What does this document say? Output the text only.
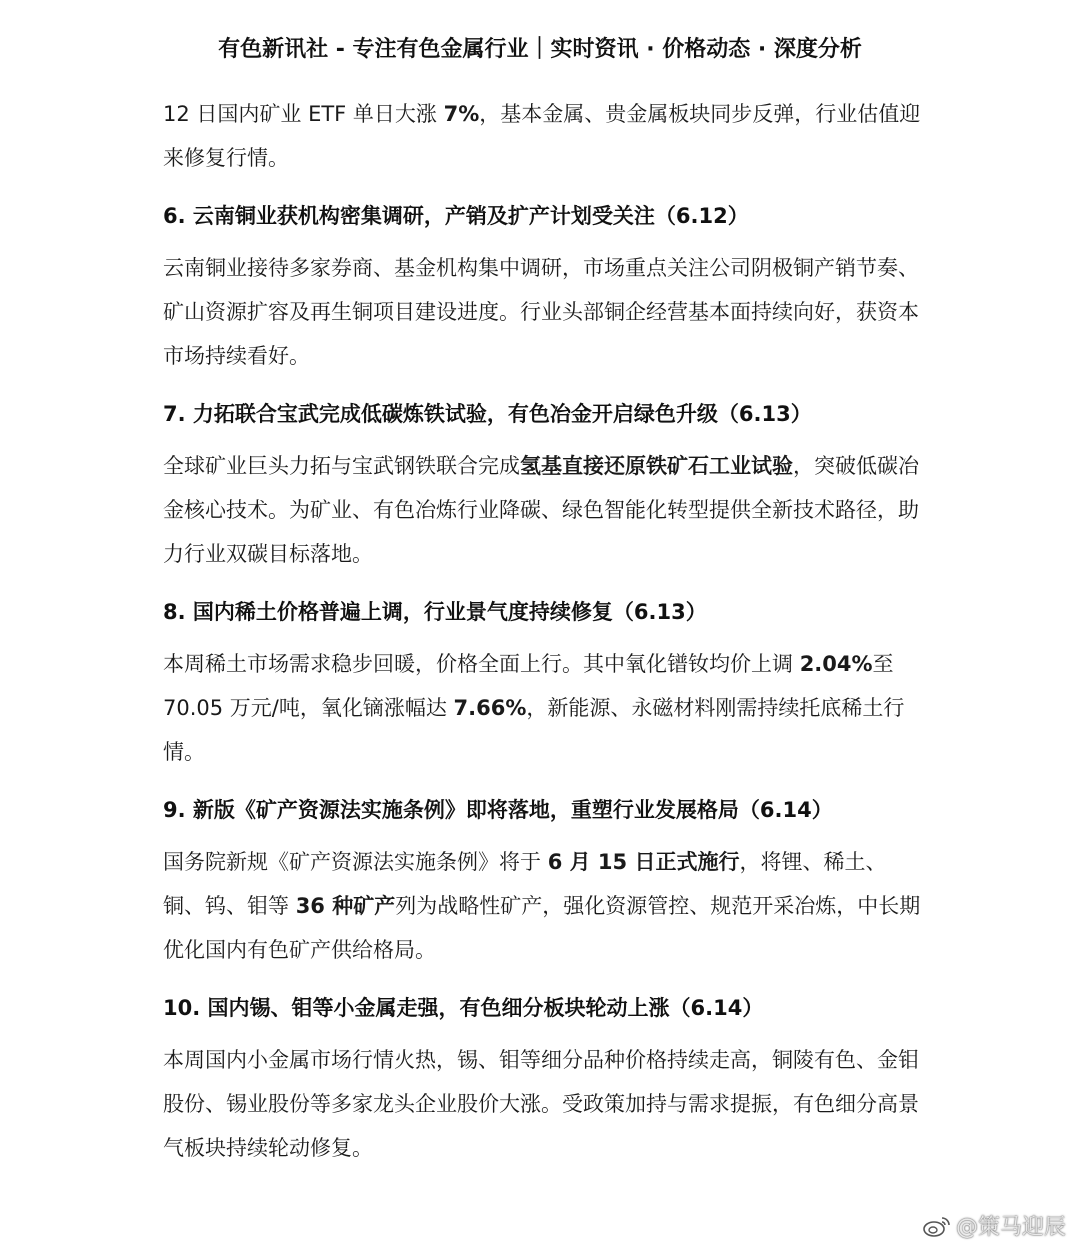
有色新讯社 - 专注有色金属行业｜实时资讯 · 价格动态 · 深度分析

12 日国内矿业 ETF 单日大涨 7%，基本金属、贵金属板块同步反弹，行业估值迎来修复行情。

6. 云南铜业获机构密集调研，产销及扩产计划受关注（6.12）

云南铜业接待多家券商、基金机构集中调研，市场重点关注公司阴极铜产销节奏、矿山资源扩容及再生铜项目建设进度。行业头部铜企经营基本面持续向好，获资本市场持续看好。

7. 力拓联合宝武完成低碳炼铁试验，有色冶金开启绿色升级（6.13）

全球矿业巨头力拓与宝武钢铁联合完成氢基直接还原铁矿石工业试验，突破低碳冶金核心技术。为矿业、有色冶炼行业降碳、绿色智能化转型提供全新技术路径，助力行业双碳目标落地。

8. 国内稀土价格普遍上调，行业景气度持续修复（6.13）

本周稀土市场需求稳步回暖，价格全面上行。其中氧化镨钕均价上调 2.04%至 70.05 万元/吨，氧化镝涨幅达 7.66%，新能源、永磁材料刚需持续托底稀土行情。

9. 新版《矿产资源法实施条例》即将落地，重塑行业发展格局（6.14）

国务院新规《矿产资源法实施条例》将于 6 月 15 日正式施行，将锂、稀土、铜、钨、钼等 36 种矿产列为战略性矿产，强化资源管控、规范开采冶炼，中长期优化国内有色矿产供给格局。

10. 国内锡、钼等小金属走强，有色细分板块轮动上涨（6.14）

本周国内小金属市场行情火热，锡、钼等细分品种价格持续走高，铜陵有色、金钼股份、锡业股份等多家龙头企业股价大涨。受政策加持与需求提振，有色细分高景气板块持续轮动修复。

@策马迎辰
